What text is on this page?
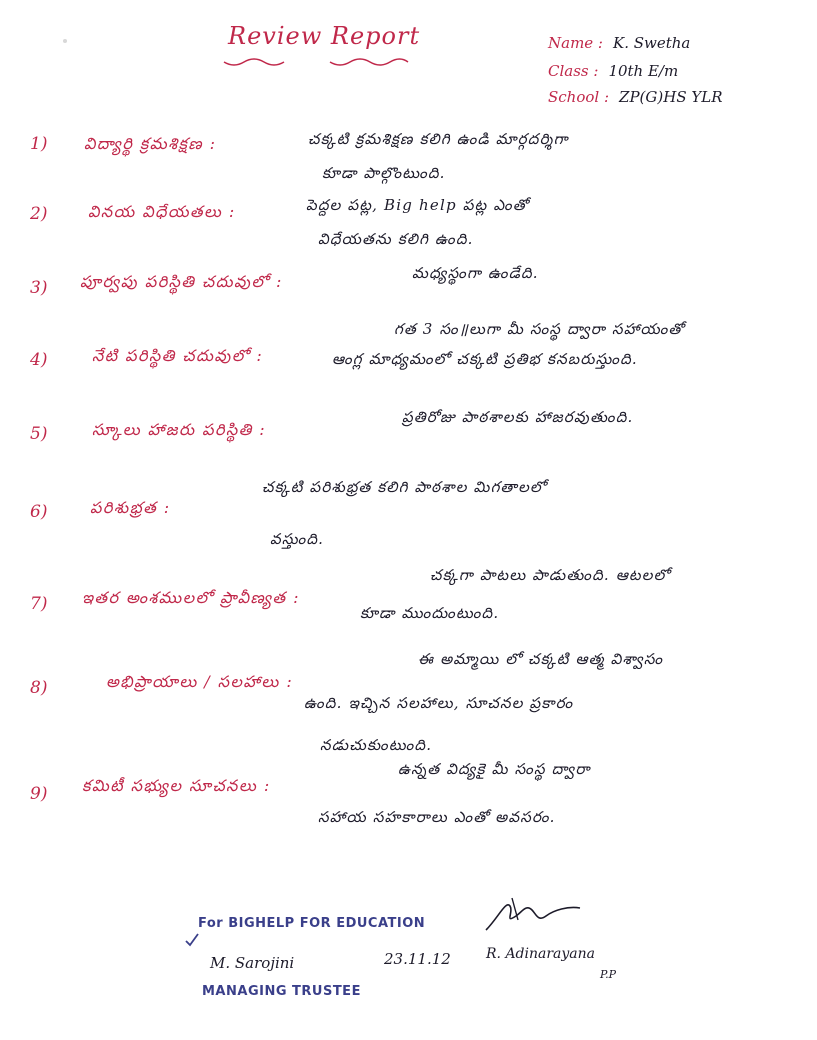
Review Report	Name : K. Swetha
Class : 10th E/m
School : ZP(G)HS YLR
1) విద్యార్థి క్రమశిక్షణ :	చక్కటి క్రమశిక్షణ కలిగి ఉండి మార్గదర్శిగా
కూడా పాల్గొంటుంది.
2)	వినయ విధేయతలు :	పెద్దల పట్ల, Big help పట్ల ఎంతో
విధేయతను కలిగి ఉంది.
3) పూర్వపు పరిస్థితి చదువులో :	మధ్యస్థంగా ఉండేది.
4)	నేటి పరిస్థితి చదువులో :
గత 3 సం॥లుగా మీ సంస్థ ద్వారా సహాయంతో
ఆంగ్ల మాధ్యమంలో చక్కటి ప్రతిభ కనబరుస్తుంది.
5)	స్కూలు హాజరు పరిస్థితి :
ప్రతిరోజు పాఠశాలకు హాజరవుతుంది.
6)	పరిశుభ్రత :
చక్కటి పరిశుభ్రత కలిగి పాఠశాల మిగతాలలో
వస్తుంది.
7) ఇతర అంశములలో ప్రావీణ్యత :
చక్కగా పాటలు పాడుతుంది. ఆటలలో
కూడా ముందుంటుంది.
8)	అభిప్రాయాలు / సలహాలు :
ఈ అమ్మాయి లో చక్కటి ఆత్మ విశ్వాసం
ఉంది. ఇచ్చిన సలహాలు, సూచనల ప్రకారం
నడుచుకుంటుంది.
9) కమిటీ సభ్యుల సూచనలు :
ఉన్నత విద్యకై మీ సంస్థ ద్వారా
సహాయ సహకారాలు ఎంతో అవసరం.
For BIGHELP FOR EDUCATION
M. Sarojini
MANAGING TRUSTEE
23.11.12	R. Adinarayana
P.P
